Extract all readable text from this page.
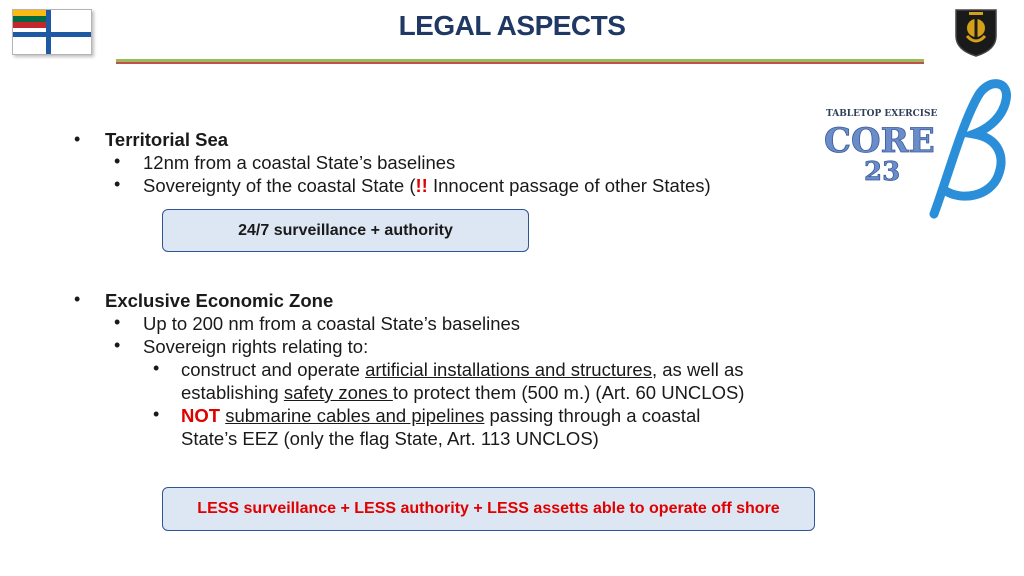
LEGAL ASPECTS
TABLETOP EXERCISE
CORE
23
• Territorial Sea
• 12nm from a coastal State’s baselines
• Sovereignty of the coastal State (!! Innocent passage of other States)
24/7 surveillance + authority
• Exclusive Economic Zone
• Up to 200 nm from a coastal State’s baselines
• Sovereign rights relating to:
• construct and operate artificial installations and structures, as well as
establishing safety zones to protect them (500 m.) (Art. 60 UNCLOS)
• NOT submarine cables and pipelines passing through a coastal
State’s EEZ (only the flag State, Art. 113 UNCLOS)
LESS surveillance + LESS authority + LESS assetts able to operate off shore
